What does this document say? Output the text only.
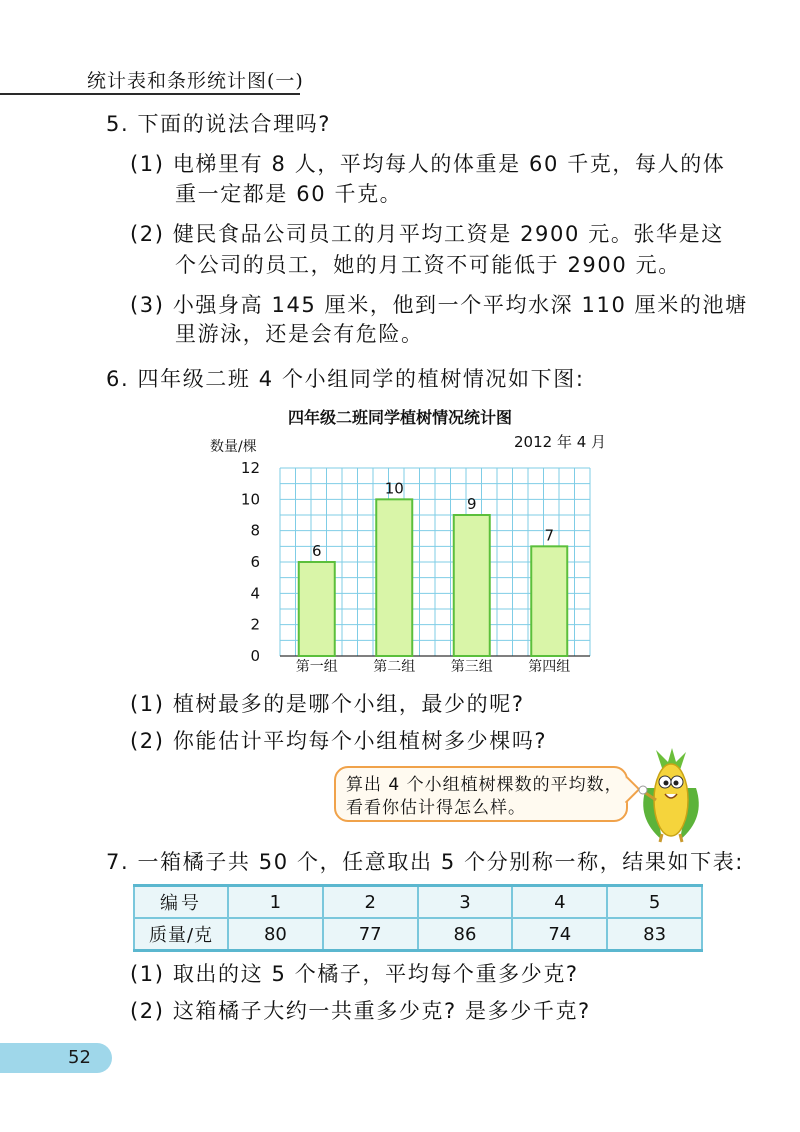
统计表和条形统计图(一)
5. 下面的说法合理吗?
(1) 电梯里有 8 人，平均每人的体重是 60 千克，每人的体
重一定都是 60 千克。
(2) 健民食品公司员工的月平均工资是 2900 元。张华是这
个公司的员工，她的月工资不可能低于 2900 元。
(3) 小强身高 145 厘米，他到一个平均水深 110 厘米的池塘
里游泳，还是会有危险。
6. 四年级二班 4 个小组同学的植树情况如下图:
四年级二班同学植树情况统计图
0
2
4
6
8
10
12
数量/棵	2012 年 4 月
6
第一组
10
第二组
9
第三组
7
第四组
(1) 植树最多的是哪个小组，最少的呢?
(2) 你能估计平均每个小组植树多少棵吗?
算出 4 个小组植树棵数的平均数，
看看你估计得怎么样。
7. 一箱橘子共 50 个，任意取出 5 个分别称一称，结果如下表:
编号	1	2	3	4	5
质量/克	80	77	86	74	83
(1) 取出的这 5 个橘子，平均每个重多少克?
(2) 这箱橘子大约一共重多少克? 是多少千克?
52
